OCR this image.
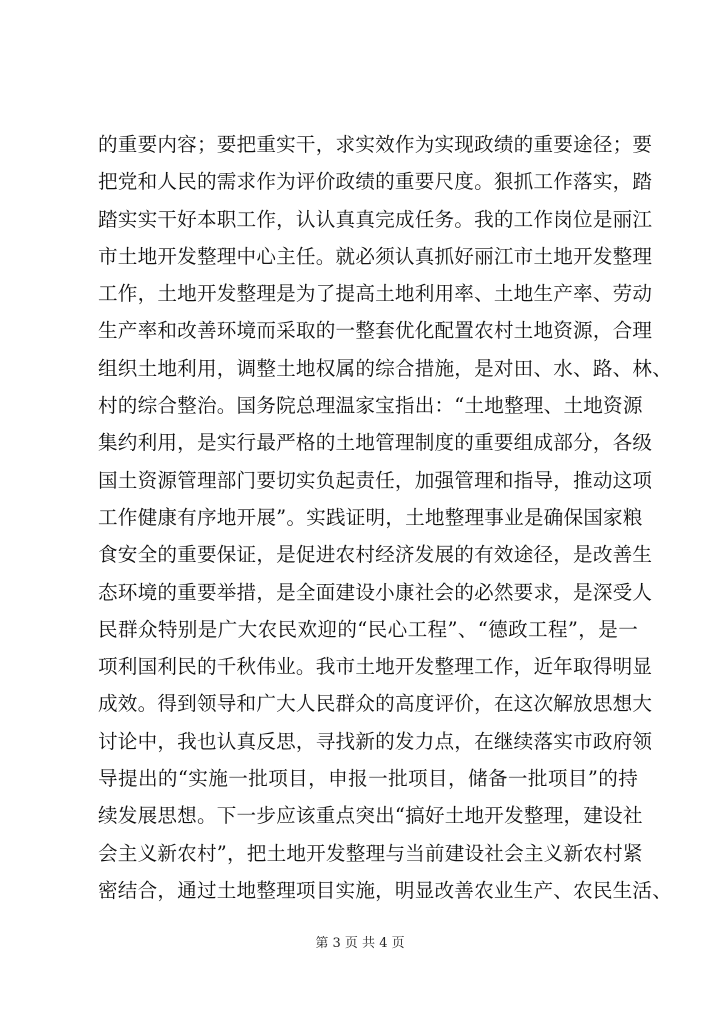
的重要内容；要把重实干，求实效作为实现政绩的重要途径；要
把党和人民的需求作为评价政绩的重要尺度。狠抓工作落实，踏
踏实实干好本职工作，认认真真完成任务。我的工作岗位是丽江
市土地开发整理中心主任。就必须认真抓好丽江市土地开发整理
工作，土地开发整理是为了提高土地利用率、土地生产率、劳动
生产率和改善环境而采取的一整套优化配置农村土地资源，合理
组织土地利用，调整土地权属的综合措施，是对田、水、路、林、
村的综合整治。国务院总理温家宝指出：“土地整理、土地资源
集约利用，是实行最严格的土地管理制度的重要组成部分，各级
国土资源管理部门要切实负起责任，加强管理和指导，推动这项
工作健康有序地开展”。实践证明，土地整理事业是确保国家粮
食安全的重要保证，是促进农村经济发展的有效途径，是改善生
态环境的重要举措，是全面建设小康社会的必然要求，是深受人
民群众特别是广大农民欢迎的“民心工程”、“德政工程”，是一
项利国利民的千秋伟业。我市土地开发整理工作，近年取得明显
成效。得到领导和广大人民群众的高度评价，在这次解放思想大
讨论中，我也认真反思，寻找新的发力点，在继续落实市政府领
导提出的“实施一批项目，申报一批项目，储备一批项目”的持
续发展思想。下一步应该重点突出“搞好土地开发整理，建设社
会主义新农村”，把土地开发整理与当前建设社会主义新农村紧
密结合，通过土地整理项目实施，明显改善农业生产、农民生活、
第 3 页 共 4 页
